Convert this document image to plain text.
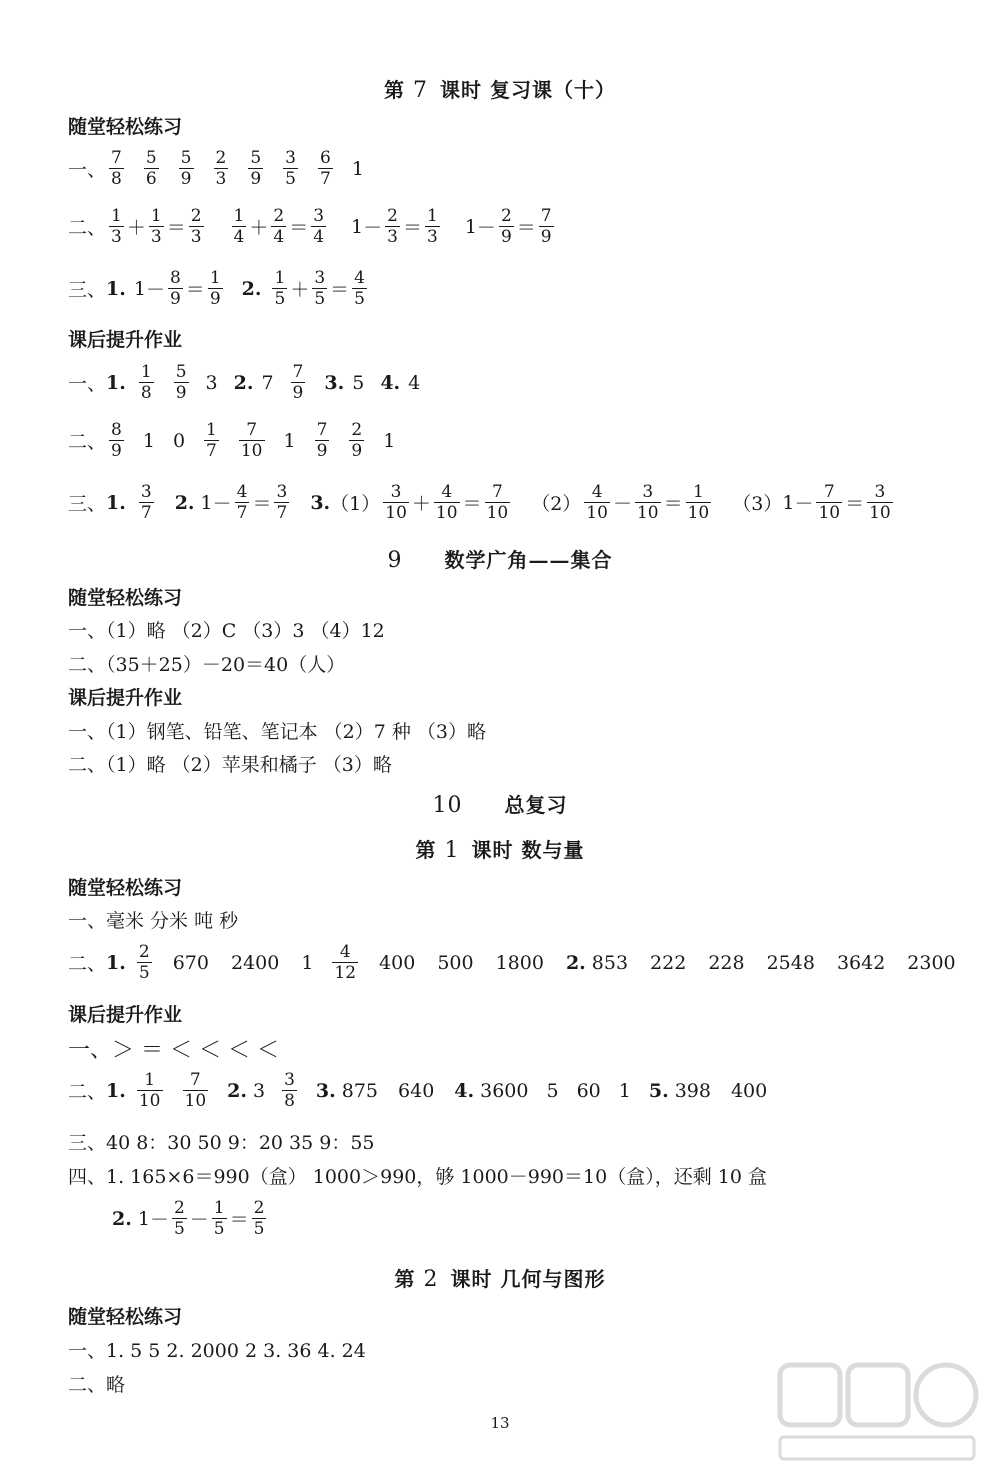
第 7 课时 复习课（十）
随堂轻松练习
一、 $\frac{7}{8} \frac{5}{6} \frac{5}{9} \frac{2}{3} \frac{5}{9} \frac{3}{5} \frac{6}{7} 1$
二、 $\frac{1}{3} + \frac{1}{3} = \frac{2}{3} \frac{1}{4} + \frac{2}{4} = \frac{3}{4} 1 - \frac{2}{3} = \frac{1}{3} 1 - \frac{2}{9} = \frac{7}{9}$
三、 1. $1 - \frac{8}{9} = \frac{1}{9} 2$. $\frac{1}{5} + \frac{3}{5} = \frac{4}{5}$
课后提升作业
一、 1. $\frac{1}{8} \frac{5}{9} 3$ 2. $7 \frac{7}{9} 3$. 5 4. 4
二、 $\frac{8}{9} 1$ $0 \frac{1}{7} \frac{7}{10} 1 \frac{7}{9} \frac{2}{9} 1$
三、 1. $\frac{3}{7} 2$. $1 - \frac{4}{7} = \frac{3}{7} 3$. $(1) \frac{3}{10} + \frac{4}{10} = \frac{7}{10} (2) \frac{4}{10} - \frac{3}{10} = \frac{1}{10} (3) 1 - \frac{7}{10} = \frac{3}{10}$
9 数学广角——集合
随堂轻松练习
一、（1）略 （2）C （3）3 （4）12
二、（35＋25）－20＝40（人）
课后提升作业
一、（1）钢笔、铅笔、笔记本 （2）7 种 （3）略
二、（1）略 （2）苹果和橘子 （3）略
10 总复习
第 1 课时 数与量
随堂轻松练习
一、毫米 分米 吨 秒
二、 1. $\frac{2}{5} 670$ 2400 $1 \frac{4}{12} 400$ 500 1800 2. 853 222 228 2548 3642 2300
课后提升作业
一、＞ ＝ ＜ ＜ ＜ ＜
二、 1. $\frac{1}{10} \frac{7}{10} 2$. $3 \frac{3}{8} 3$. 875 640 4. 3600 5 60 1 5. 398 400
三、40 8：30 50 9：20 35 9：55
四、1. 165×6＝990（盒） 1000＞990，够 1000－990＝10（盒），还剩 10 盒
2. $1 - \frac{2}{5} - \frac{1}{5} = \frac{2}{5}$
第 2 课时 几何与图形
随堂轻松练习
一、1. 5 5 2. 2000 2 3. 36 4. 24
二、略
13
